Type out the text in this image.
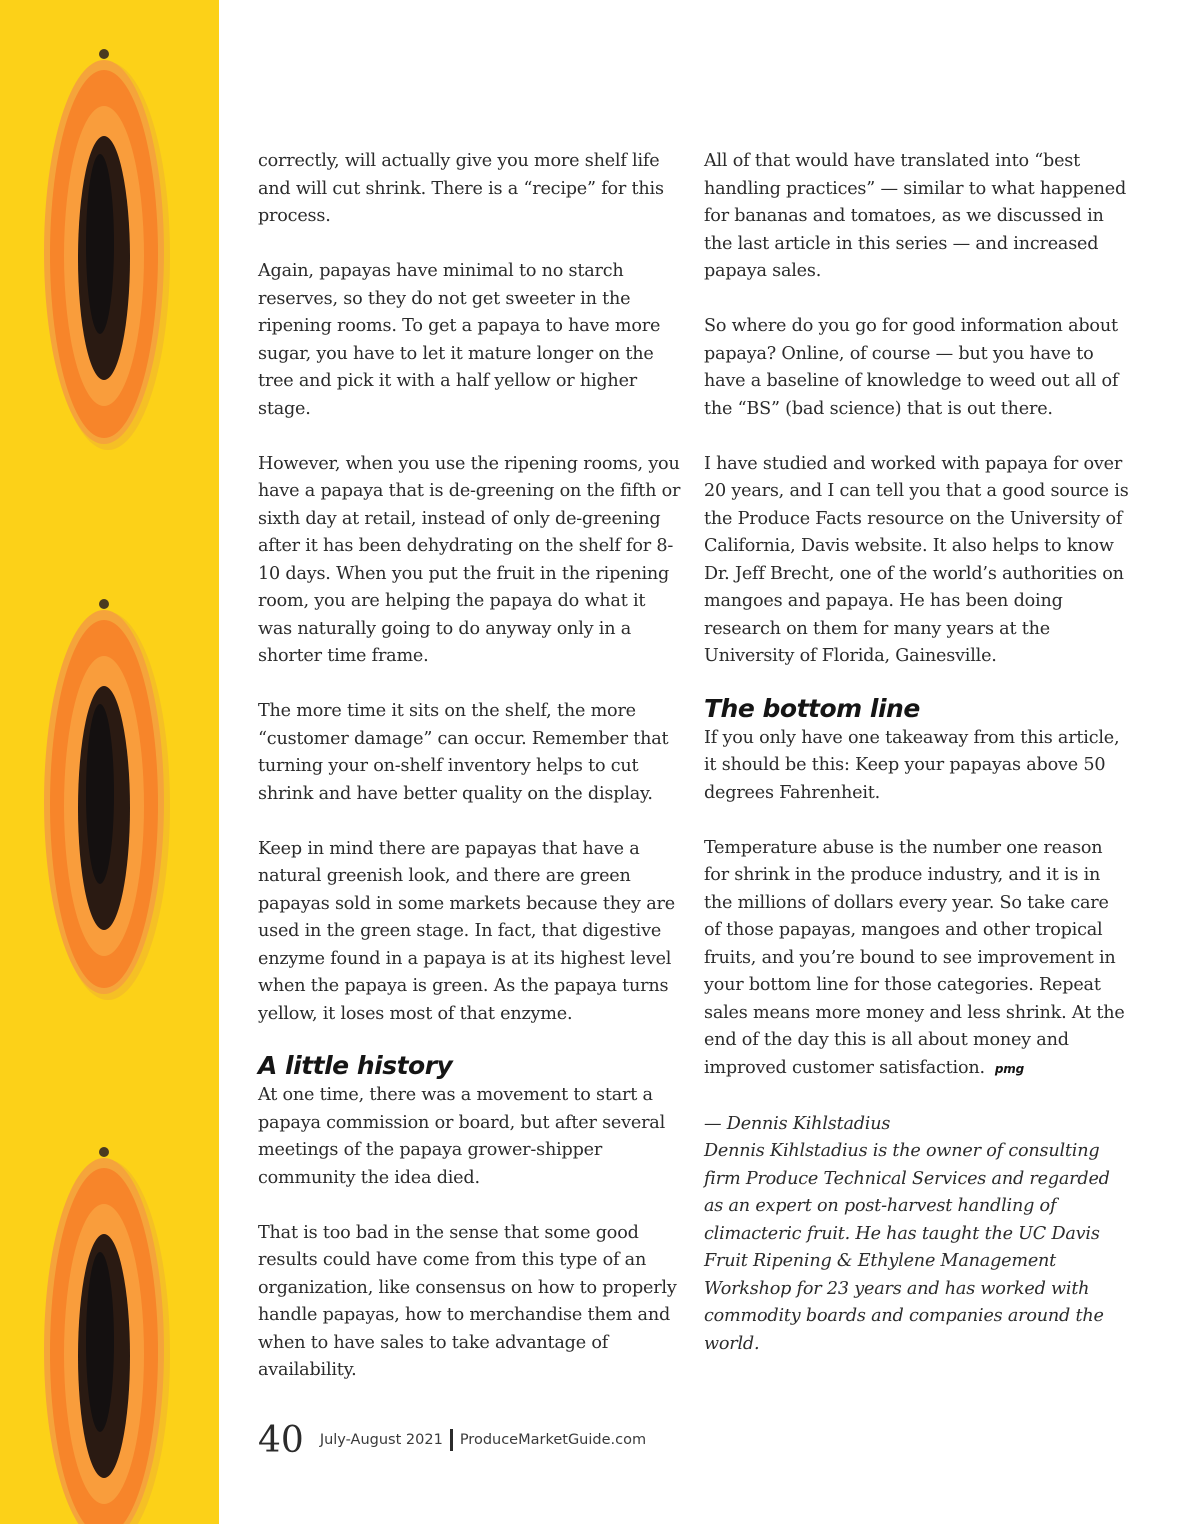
correctly, will actually give you more shelf life and will cut shrink. There is a “recipe” for this process.

Again, papayas have minimal to no starch reserves, so they do not get sweeter in the ripening rooms. To get a papaya to have more sugar, you have to let it mature longer on the tree and pick it with a half yellow or higher stage.

However, when you use the ripening rooms, you have a papaya that is de-greening on the fifth or sixth day at retail, instead of only de-greening after it has been dehydrating on the shelf for 8-10 days. When you put the fruit in the ripening room, you are helping the papaya do what it was naturally going to do anyway only in a shorter time frame.

The more time it sits on the shelf, the more “customer damage” can occur. Remember that turning your on-shelf inventory helps to cut shrink and have better quality on the display.

Keep in mind there are papayas that have a natural greenish look, and there are green papayas sold in some markets because they are used in the green stage. In fact, that digestive enzyme found in a papaya is at its highest level when the papaya is green. As the papaya turns yellow, it loses most of that enzyme.

A little history

At one time, there was a movement to start a papaya commission or board, but after several meetings of the papaya grower-shipper community the idea died.

That is too bad in the sense that some good results could have come from this type of an organization, like consensus on how to properly handle papayas, how to merchandise them and when to have sales to take advantage of availability.

All of that would have translated into “best handling practices” — similar to what happened for bananas and tomatoes, as we discussed in the last article in this series — and increased papaya sales.

So where do you go for good information about papaya? Online, of course — but you have to have a baseline of knowledge to weed out all of the “BS” (bad science) that is out there.

I have studied and worked with papaya for over 20 years, and I can tell you that a good source is the Produce Facts resource on the University of California, Davis website. It also helps to know Dr. Jeff Brecht, one of the world’s authorities on mangoes and papaya. He has been doing research on them for many years at the University of Florida, Gainesville.

The bottom line

If you only have one takeaway from this article, it should be this: Keep your papayas above 50 degrees Fahrenheit.

Temperature abuse is the number one reason for shrink in the produce industry, and it is in the millions of dollars every year. So take care of those papayas, mangoes and other tropical fruits, and you’re bound to see improvement in your bottom line for those categories. Repeat sales means more money and less shrink. At the end of the day this is all about money and improved customer satisfaction. pmg

— Dennis Kihlstadius

Dennis Kihlstadius is the owner of consulting firm Produce Technical Services and regarded as an expert on post-harvest handling of climacteric fruit. He has taught the UC Davis Fruit Ripening & Ethylene Management Workshop for 23 years and has worked with commodity boards and companies around the world.

40 July-August 2021 ProduceMarketGuide.com
